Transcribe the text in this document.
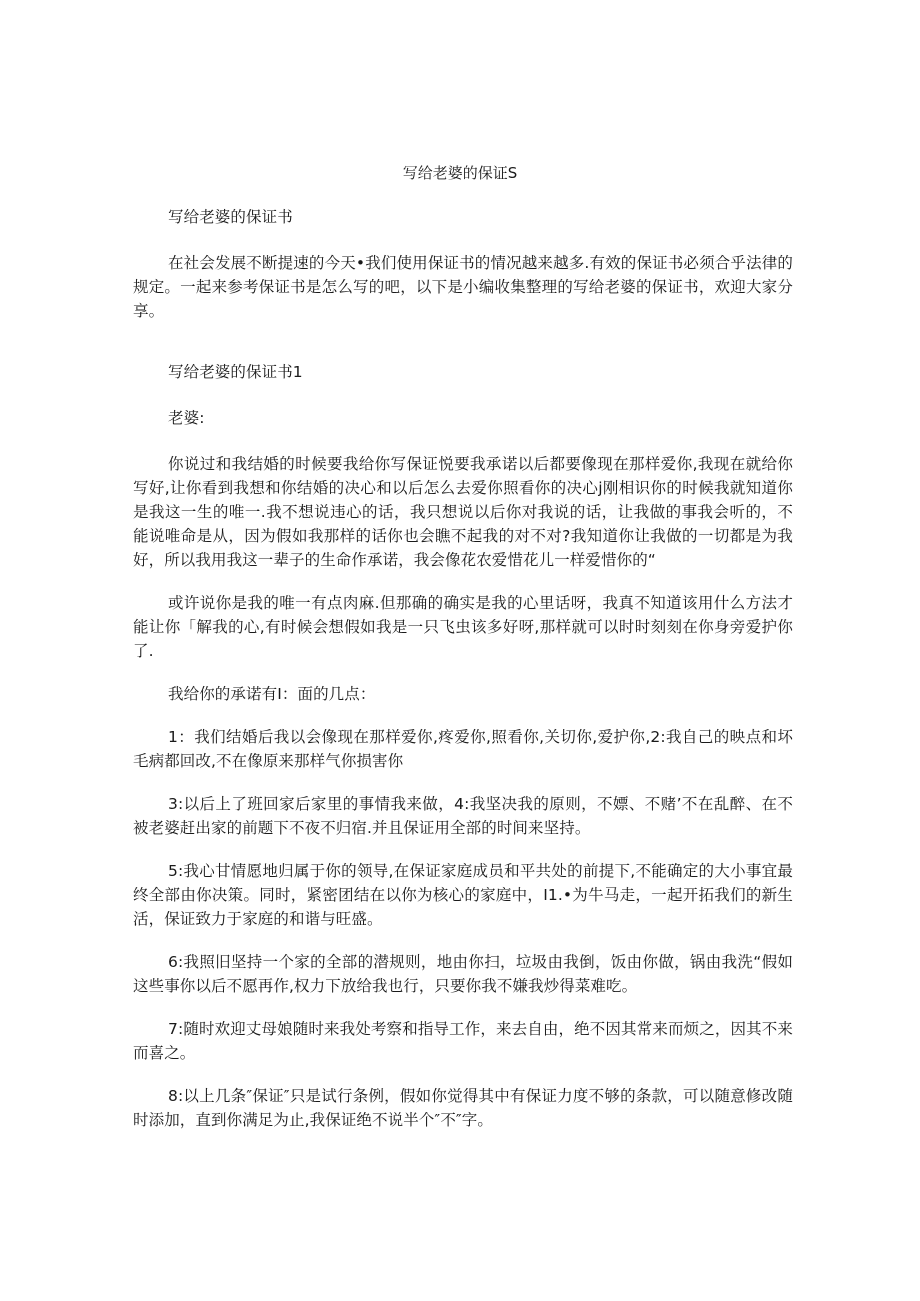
写给老婆的保证S

写给老婆的保证书

在社会发展不断提速的今天•我们使用保证书的情况越来越多.有效的保证书必须合乎法律的规定。一起来参考保证书是怎么写的吧，以下是小编收集整理的写给老婆的保证书，欢迎大家分享。

写给老婆的保证书1

老婆:

你说过和我结婚的时候要我给你写保证悦要我承诺以后都要像现在那样爱你,我现在就给你写好,让你看到我想和你结婚的决心和以后怎么去爱你照看你的决心j刚相识你的时候我就知道你是我这一生的唯一.我不想说违心的话，我只想说以后你对我说的话，让我做的事我会听的，不能说唯命是从，因为假如我那样的话你也会瞧不起我的对不对?我知道你让我做的一切都是为我好，所以我用我这一辈子的生命作承诺，我会像花农爱惜花儿一样爱惜你的“

或许说你是我的唯一有点肉麻.但那确的确实是我的心里话呀，我真不知道该用什么方法才能让你「解我的心,有时候会想假如我是一只飞虫该多好呀,那样就可以时时刻刻在你身旁爱护你了.

我给你的承诺有I：面的几点：

1：我们结婚后我以会像现在那样爱你,疼爱你,照看你,关切你,爱护你,2:我自己的映点和坏毛病都回改,不在像原来那样气你损害你

3:以后上了班回家后家里的事情我来做，4:我坚决我的原则，不嫖、不赌’不在乱醉、在不被老婆赶出家的前题下不夜不归宿.并且保证用全部的时间来坚持。

5:我心甘情愿地归属于你的领导,在保证家庭成员和平共处的前提下,不能确定的大小事宜最终全部由你决策。同时，紧密团结在以你为核心的家庭中，I1.•为牛马走，一起开拓我们的新生活，保证致力于家庭的和谐与旺盛。

6:我照旧坚持一个家的全部的潜规则，地由你扫，垃圾由我倒，饭由你做，锅由我洗“假如这些事你以后不愿再作,权力下放给我也行，只要你我不嫌我炒得菜难吃。

7:随时欢迎丈母娘随时来我处考察和指导工作，来去自由，绝不因其常来而烦之，因其不来而喜之。

8:以上几条″保证″只是试行条例，假如你觉得其中有保证力度不够的条款，可以随意修改随时添加，直到你满足为止,我保证绝不说半个″不″字。
